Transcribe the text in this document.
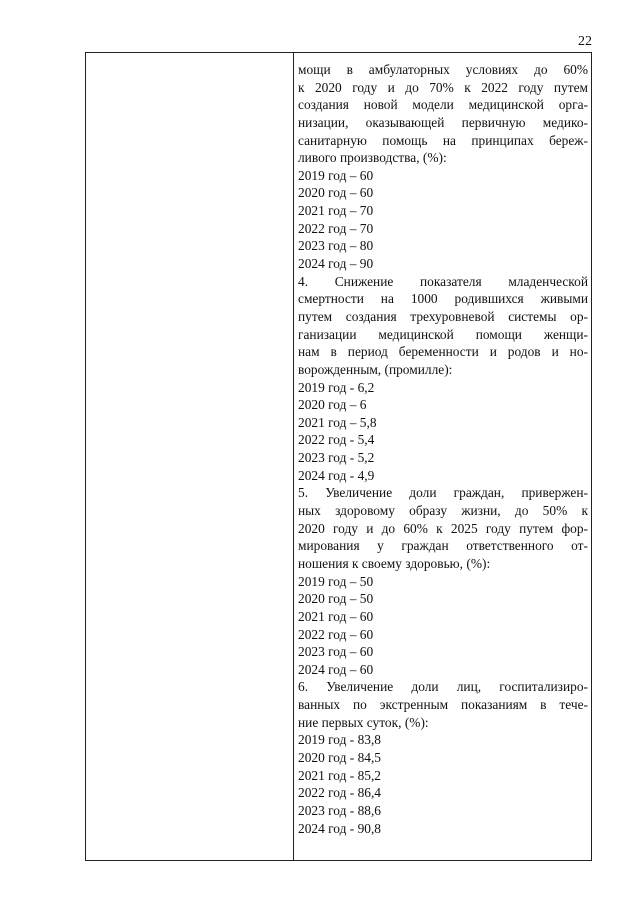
22
мощи в амбулаторных условиях до 60%
к 2020 году и до 70% к 2022 году путем
создания новой модели медицинской орга-
низации, оказывающей первичную медико-
санитарную помощь на принципах береж-
ливого производства, (%):
2019 год – 60
2020 год – 60
2021 год – 70
2022 год – 70
2023 год – 80
2024 год – 90
4. Снижение показателя младенческой
смертности на 1000 родившихся живыми
путем создания трехуровневой системы ор-
ганизации медицинской помощи женщи-
нам в период беременности и родов и но-
ворожденным, (промилле):
2019 год - 6,2
2020 год – 6
2021 год – 5,8
2022 год - 5,4
2023 год - 5,2
2024 год - 4,9
5. Увеличение доли граждан, привержен-
ных здоровому образу жизни, до 50% к
2020 году и до 60% к 2025 году путем фор-
мирования у граждан ответственного от-
ношения к своему здоровью, (%):
2019 год – 50
2020 год – 50
2021 год – 60
2022 год – 60
2023 год – 60
2024 год – 60
6. Увеличение доли лиц, госпитализиро-
ванных по экстренным показаниям в тече-
ние первых суток, (%):
2019 год - 83,8
2020 год - 84,5
2021 год - 85,2
2022 год - 86,4
2023 год - 88,6
2024 год - 90,8
